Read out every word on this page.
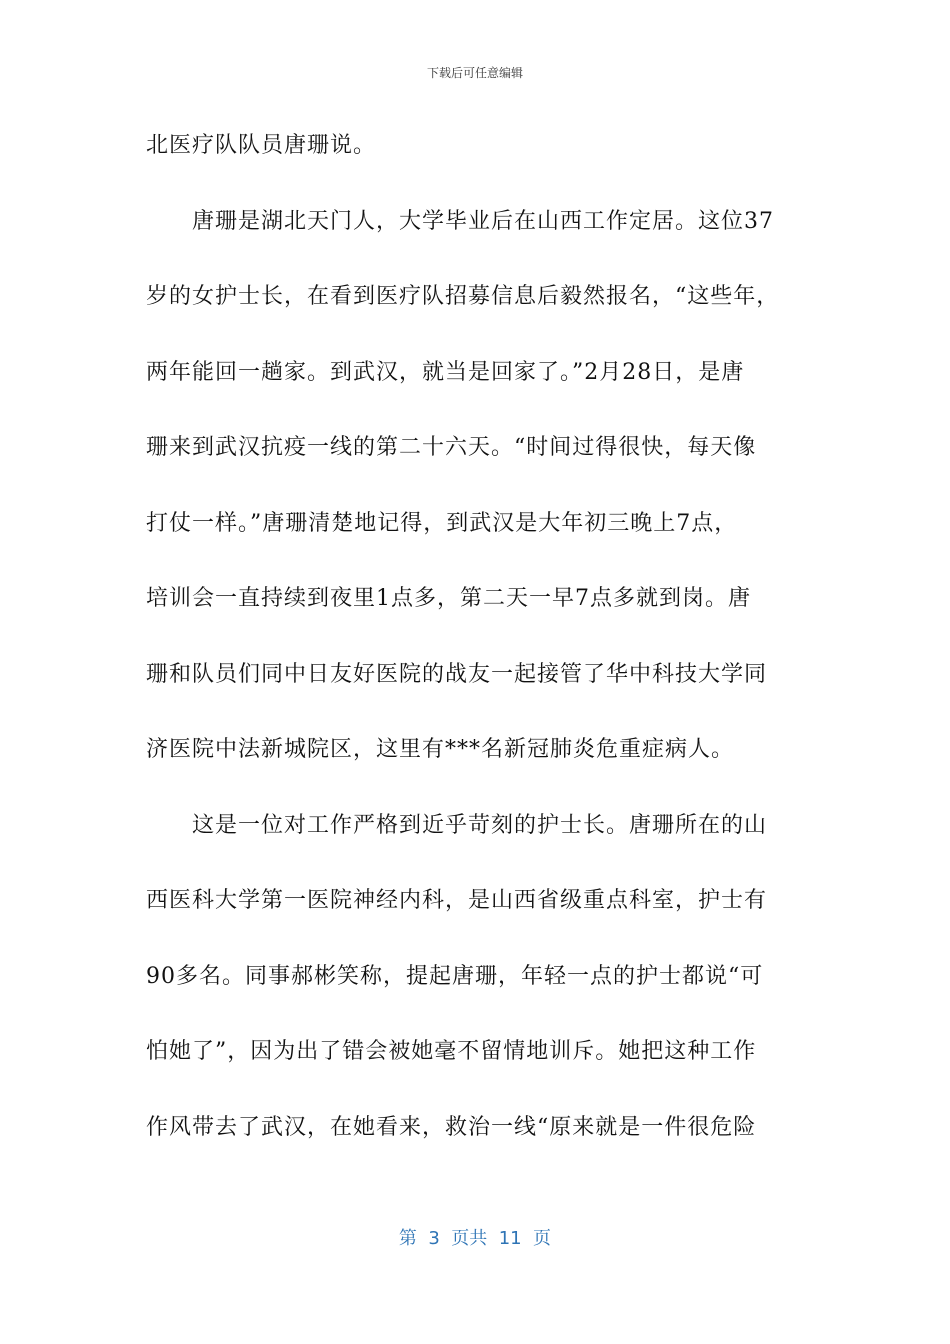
下载后可任意编辑
北医疗队队员唐珊说。
唐珊是湖北天门人，大学毕业后在山西工作定居。这位37
岁的女护士长，在看到医疗队招募信息后毅然报名，“这些年，
两年能回一趟家。到武汉，就当是回家了。”2月28日，是唐
珊来到武汉抗疫一线的第二十六天。“时间过得很快，每天像
打仗一样。”唐珊清楚地记得，到武汉是大年初三晚上7点，
培训会一直持续到夜里1点多，第二天一早7点多就到岗。唐
珊和队员们同中日友好医院的战友一起接管了华中科技大学同
济医院中法新城院区，这里有***名新冠肺炎危重症病人。
这是一位对工作严格到近乎苛刻的护士长。唐珊所在的山
西医科大学第一医院神经内科，是山西省级重点科室，护士有
90多名。同事郝彬笑称，提起唐珊，年轻一点的护士都说“可
怕她了”，因为出了错会被她毫不留情地训斥。她把这种工作
作风带去了武汉，在她看来，救治一线“原来就是一件很危险
第  3  页共  11  页
